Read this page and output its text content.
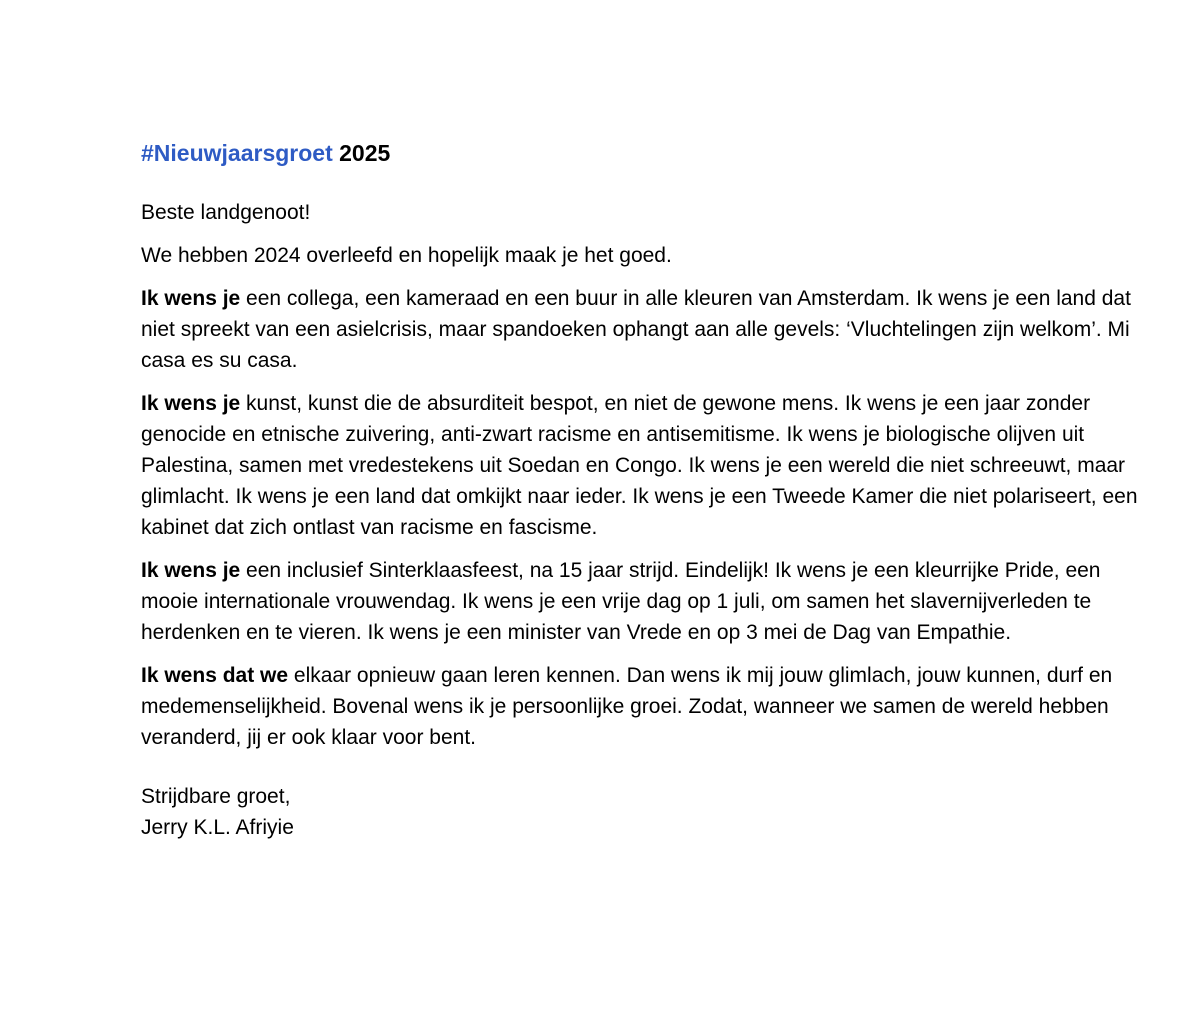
#Nieuwjaarsgroet 2025

Beste landgenoot!

We hebben 2024 overleefd en hopelijk maak je het goed.

Ik wens je een collega, een kameraad en een buur in alle kleuren van Amsterdam. Ik wens je een land dat niet spreekt van een asielcrisis, maar spandoeken ophangt aan alle gevels: ‘Vluchtelingen zijn welkom’. Mi casa es su casa.

Ik wens je kunst, kunst die de absurditeit bespot, en niet de gewone mens. Ik wens je een jaar zonder genocide en etnische zuivering, anti-zwart racisme en antisemitisme. Ik wens je biologische olijven uit Palestina, samen met vredestekens uit Soedan en Congo. Ik wens je een wereld die niet schreeuwt, maar glimlacht. Ik wens je een land dat omkijkt naar ieder. Ik wens je een Tweede Kamer die niet polariseert, een kabinet dat zich ontlast van racisme en fascisme.

Ik wens je een inclusief Sinterklaasfeest, na 15 jaar strijd. Eindelijk! Ik wens je een kleurrijke Pride, een mooie internationale vrouwendag. Ik wens je een vrije dag op 1 juli, om samen het slavernijverleden te herdenken en te vieren. Ik wens je een minister van Vrede en op 3 mei de Dag van Empathie.

Ik wens dat we elkaar opnieuw gaan leren kennen. Dan wens ik mij jouw glimlach, jouw kunnen, durf en medemenselijkheid. Bovenal wens ik je persoonlijke groei. Zodat, wanneer we samen de wereld hebben veranderd, jij er ook klaar voor bent.

Strijdbare groet,
Jerry K.L. Afriyie
